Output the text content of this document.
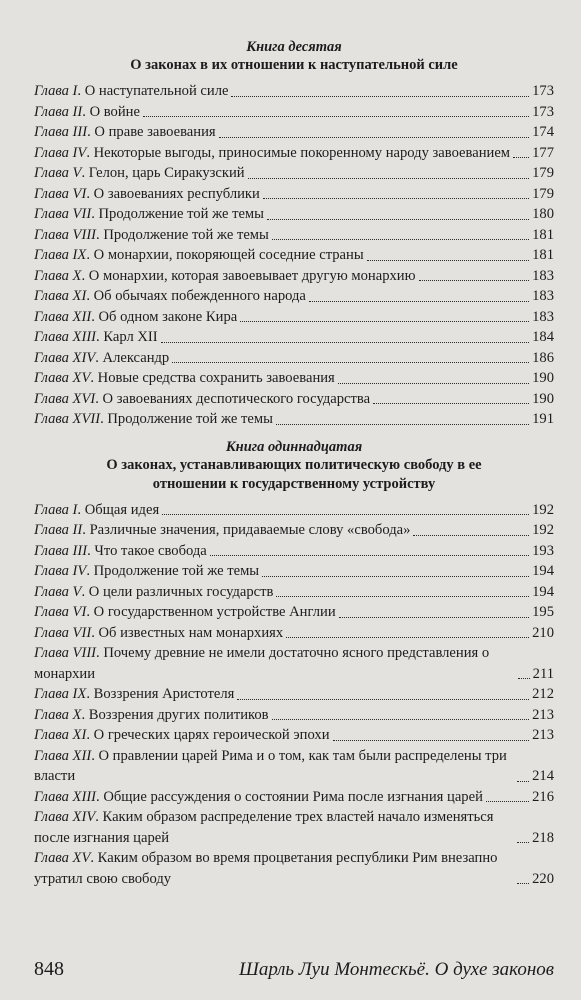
Книга десятая

О законах в их отношении к наступательной силе

Глава I. О наступательной силе	173
Глава II. О войне	173
Глава III. О праве завоевания	174
Глава IV. Некоторые выгоды, приносимые покоренному народу завоеванием 177
Глава V. Гелон, царь Сиракузский	179
Глава VI. О завоеваниях республики	179
Глава VII. Продолжение той же темы	180
Глава VIII. Продолжение той же темы	181
Глава IX. О монархии, покоряющей соседние страны	181
Глава X. О монархии, которая завоевывает другую монархию	183
Глава XI. Об обычаях побежденного народа	183
Глава XII. Об одном законе Кира	183
Глава XIII. Карл XII	184
Глава XIV. Александр	186
Глава XV. Новые средства сохранить завоевания	190
Глава XVI. О завоеваниях деспотического государства	190
Глава XVII. Продолжение той же темы	191

Книга одиннадцатая

О законах, устанавливающих политическую свободу в ее отношении к государственному устройству

Глава I. Общая идея	192
Глава II. Различные значения, придаваемые слову «свобода»	192
Глава III. Что такое свобода	193
Глава IV. Продолжение той же темы	194
Глава V. О цели различных государств	194
Глава VI. О государственном устройстве Англии	195
Глава VII. Об известных нам монархиях	210
Глава VIII. Почему древние не имели достаточно ясного представления о монархии	211
Глава IX. Воззрения Аристотеля	212
Глава X. Воззрения других политиков	213
Глава XI. О греческих царях героической эпохи	213
Глава XII. О правлении царей Рима и о том, как там были распределены три власти	214
Глава XIII. Общие рассуждения о состоянии Рима после изгнания царей	216
Глава XIV. Каким образом распределение трех властей начало изменяться после изгнания царей	218
Глава XV. Каким образом во время процветания республики Рим внезапно утратил свою свободу	220
848	Шарль Луи Монтескьё. О духе законов
